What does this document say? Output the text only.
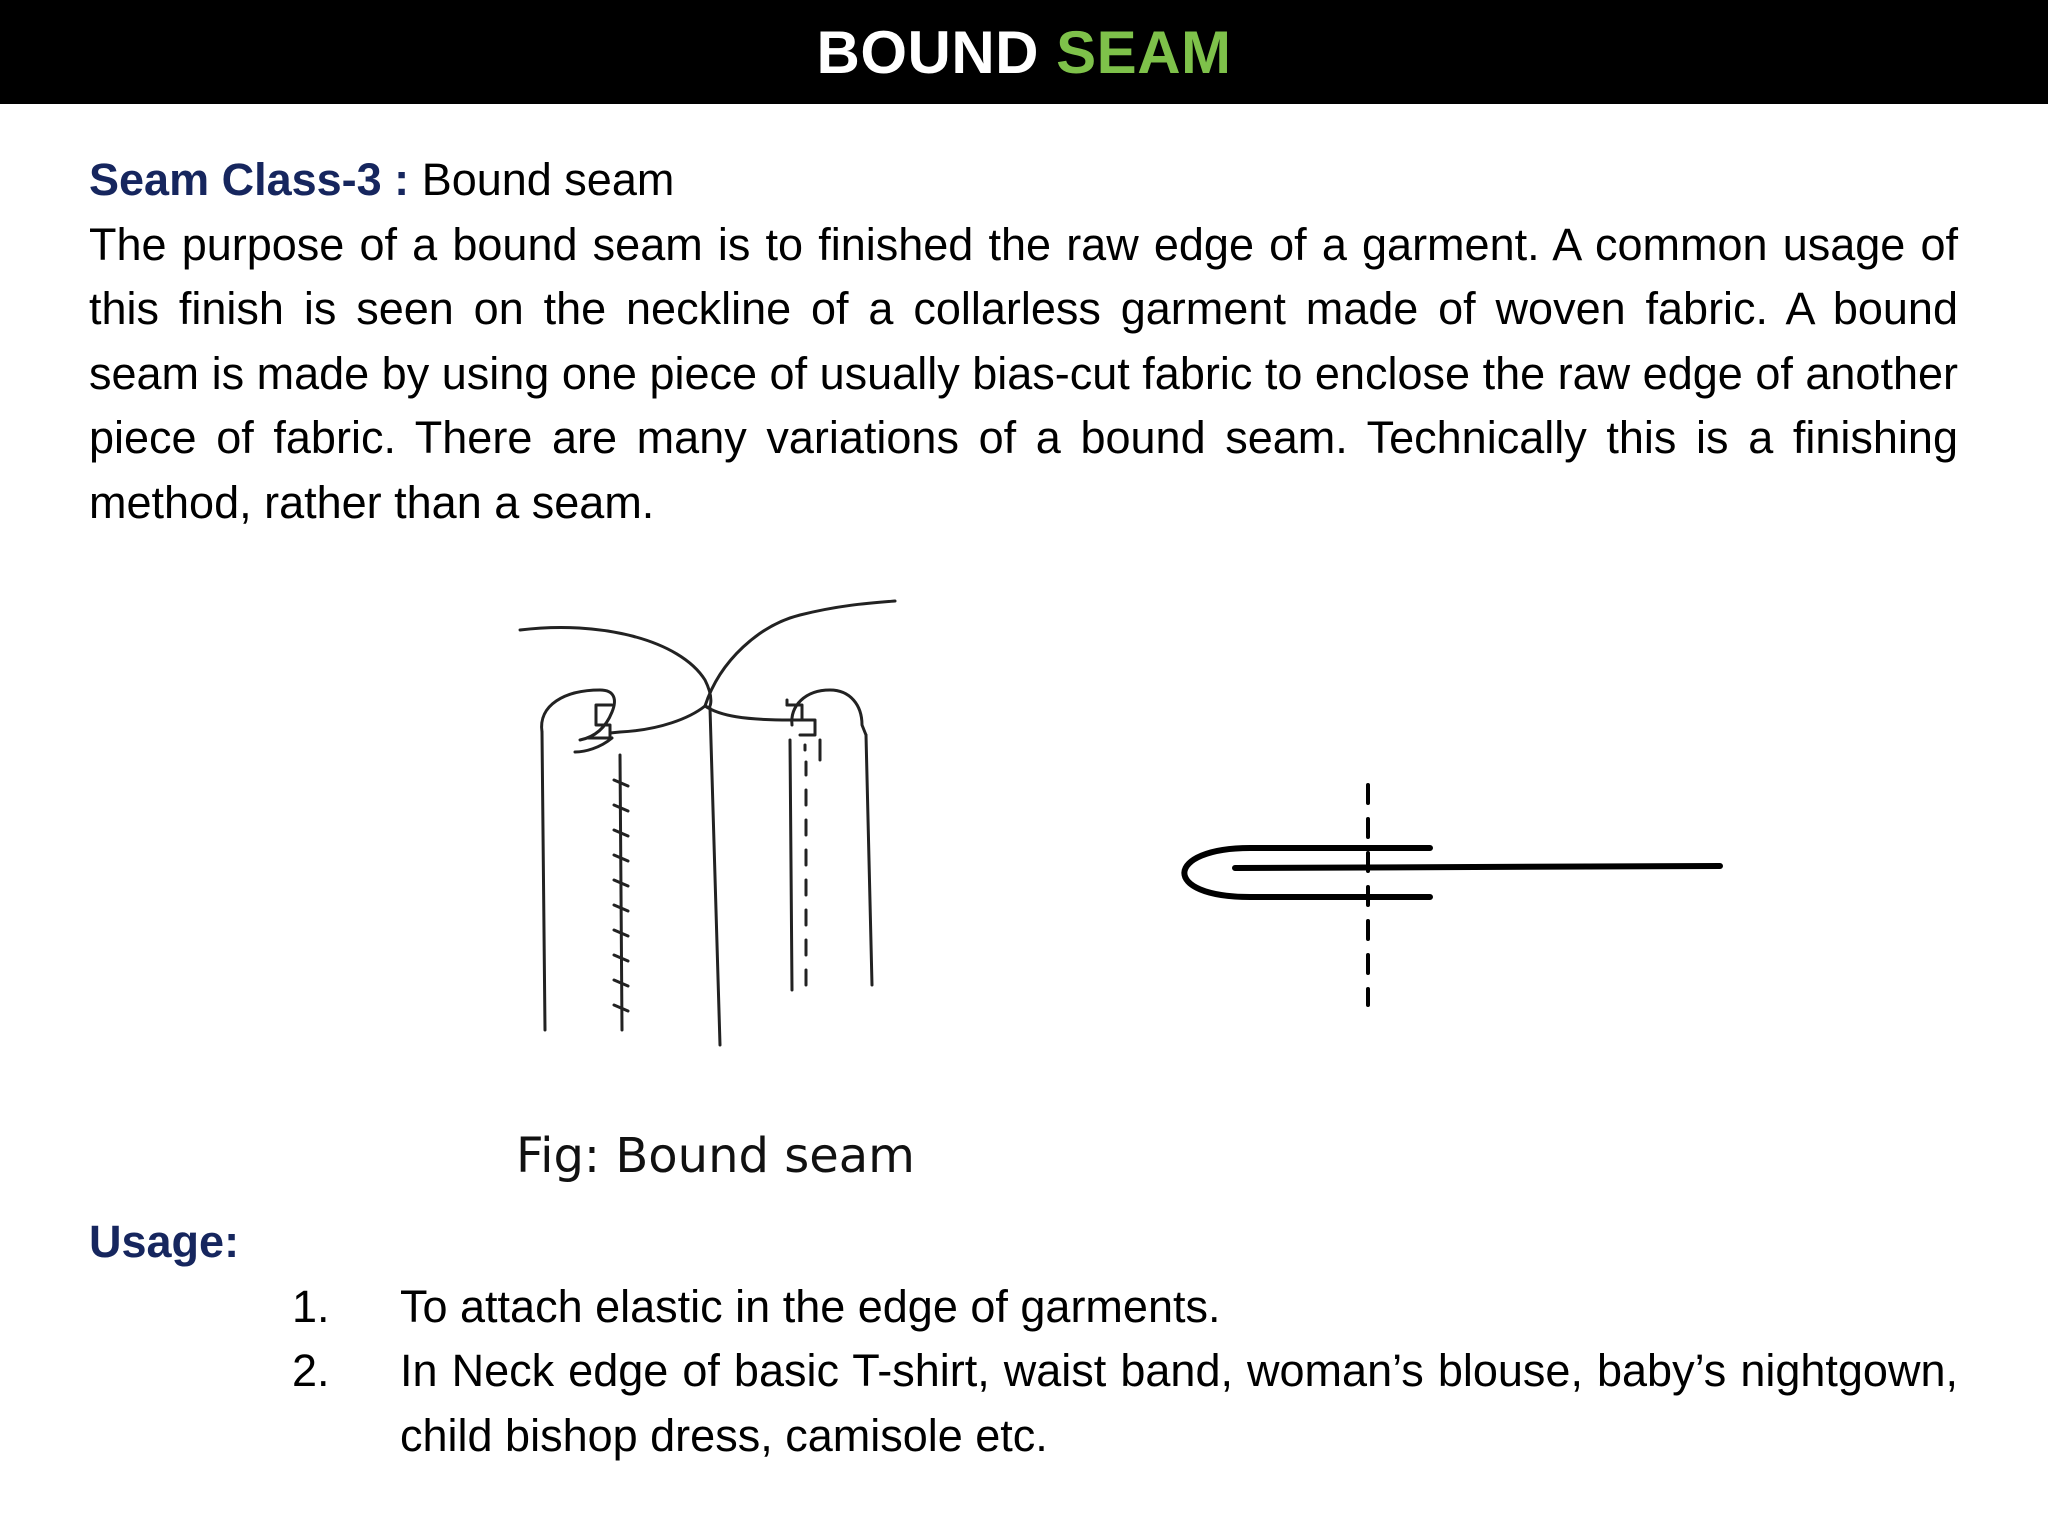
BOUND SEAM

Seam Class-3 : Bound seam

The purpose of a bound seam is to finished the raw edge of a garment. A common usage of this finish is seen on the neckline of a collarless garment made of woven fabric. A bound seam is made by using one piece of usually bias-cut fabric to enclose the raw edge of another piece of fabric. There are many variations of a bound seam. Technically this is a finishing method, rather than a seam.

Fig: Bound seam

Usage:

1.	To attach elastic in the edge of garments.
2.	In Neck edge of basic T-shirt, waist band, woman’s blouse, baby’s nightgown, child bishop dress, camisole etc.
